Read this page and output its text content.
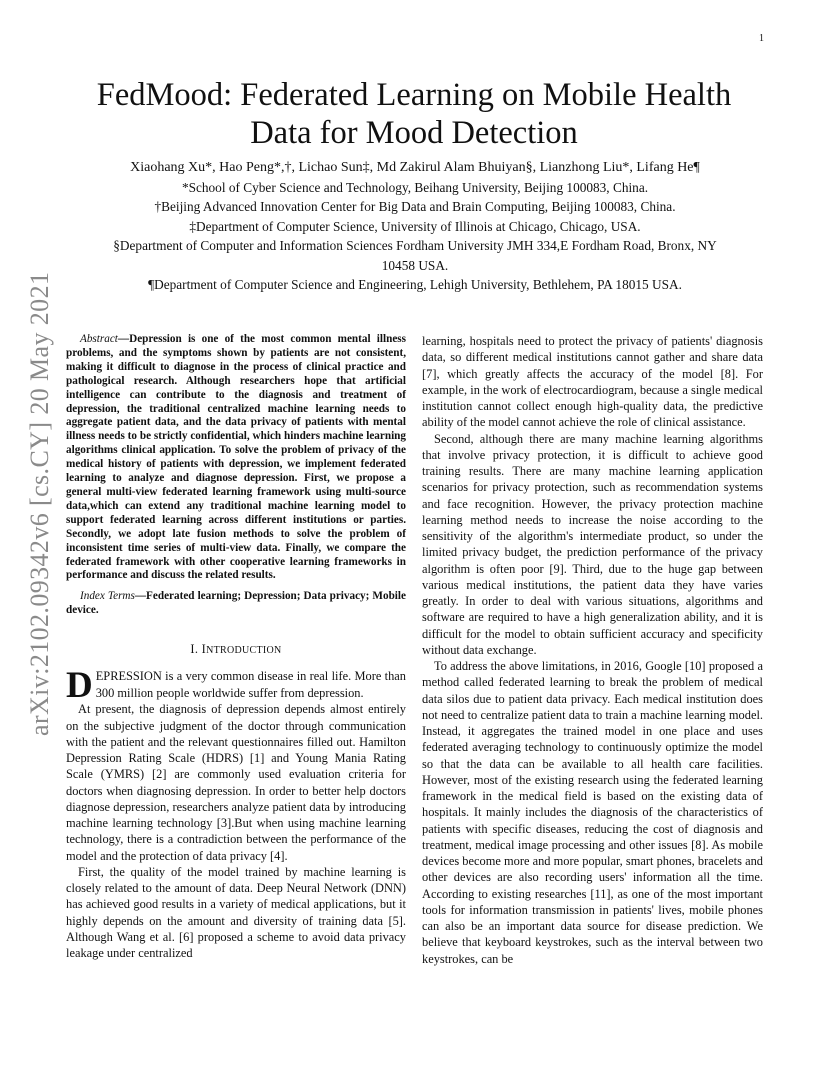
1
arXiv:2102.09342v6 [cs.CY] 20 May 2021
FedMood: Federated Learning on Mobile Health
Data for Mood Detection
Xiaohang Xu*, Hao Peng*,†, Lichao Sun‡, Md Zakirul Alam Bhuiyan§, Lianzhong Liu*, Lifang He¶
*School of Cyber Science and Technology, Beihang University, Beijing 100083, China.
†Beijing Advanced Innovation Center for Big Data and Brain Computing, Beijing 100083, China.
‡Department of Computer Science, University of Illinois at Chicago, Chicago, USA.
§Department of Computer and Information Sciences Fordham University JMH 334,E Fordham Road, Bronx, NY
10458 USA.
¶Department of Computer Science and Engineering, Lehigh University, Bethlehem, PA 18015 USA.

Abstract—Depression is one of the most common mental illness problems, and the symptoms shown by patients are not consistent, making it difficult to diagnose in the process of clinical practice and pathological research. Although researchers hope that artificial intelligence can contribute to the diagnosis and treatment of depression, the traditional centralized machine learning needs to aggregate patient data, and the data privacy of patients with mental illness needs to be strictly confidential, which hinders machine learning algorithms clinical application. To solve the problem of privacy of the medical history of patients with depression, we implement federated learning to analyze and diagnose depression. First, we propose a general multi-view federated learning framework using multi-source data,which can extend any traditional machine learning model to support federated learning across different institutions or parties. Secondly, we adopt late fusion methods to solve the problem of inconsistent time series of multi-view data. Finally, we compare the federated framework with other cooperative learning frameworks in performance and discuss the related results.

Index Terms—Federated learning; Depression; Data privacy; Mobile device.

I. INTRODUCTION

DEPRESSION is a very common disease in real life. More than 300 million people worldwide suffer from depression.

At present, the diagnosis of depression depends almost entirely on the subjective judgment of the doctor through communication with the patient and the relevant questionnaires filled out. Hamilton Depression Rating Scale (HDRS) [1] and Young Mania Rating Scale (YMRS) [2] are commonly used evaluation criteria for doctors when diagnosing depression. In order to better help doctors diagnose depression, researchers analyze patient data by introducing machine learning technology [3].But when using machine learning technology, there is a contradiction between the performance of the model and the protection of data privacy [4].

First, the quality of the model trained by machine learning is closely related to the amount of data. Deep Neural Network (DNN) has achieved good results in a variety of medical applications, but it highly depends on the amount and diversity of training data [5]. Although Wang et al. [6] proposed a scheme to avoid data privacy leakage under centralized

learning, hospitals need to protect the privacy of patients' diagnosis data, so different medical institutions cannot gather and share data [7], which greatly affects the accuracy of the model [8]. For example, in the work of electrocardiogram, because a single medical institution cannot collect enough high-quality data, the predictive ability of the model cannot achieve the role of clinical assistance.

Second, although there are many machine learning algorithms that involve privacy protection, it is difficult to achieve good training results. There are many machine learning application scenarios for privacy protection, such as recommendation systems and face recognition. However, the privacy protection machine learning method needs to increase the noise according to the sensitivity of the algorithm's intermediate product, so under the limited privacy budget, the prediction performance of the privacy algorithm is often poor [9]. Third, due to the huge gap between various medical institutions, the patient data they have varies greatly. In order to deal with various situations, algorithms and software are required to have a high generalization ability, and it is difficult for the model to obtain sufficient accuracy and specificity without data exchange.

To address the above limitations, in 2016, Google [10] proposed a method called federated learning to break the problem of medical data silos due to patient data privacy. Each medical institution does not need to centralize patient data to train a machine learning model. Instead, it aggregates the trained model in one place and uses federated averaging technology to continuously optimize the model so that the data can be available to all health care facilities. However, most of the existing research using the federated learning framework in the medical field is based on the existing data of hospitals. It mainly includes the diagnosis of the characteristics of patients with specific diseases, reducing the cost of diagnosis and treatment, medical image processing and other issues [8]. As mobile devices become more and more popular, smart phones, bracelets and other devices are also recording users' information all the time. According to existing researches [11], as one of the most important tools for information transmission in patients' lives, mobile phones can also be an important data source for disease prediction. We believe that keyboard keystrokes, such as the interval between two keystrokes, can be
